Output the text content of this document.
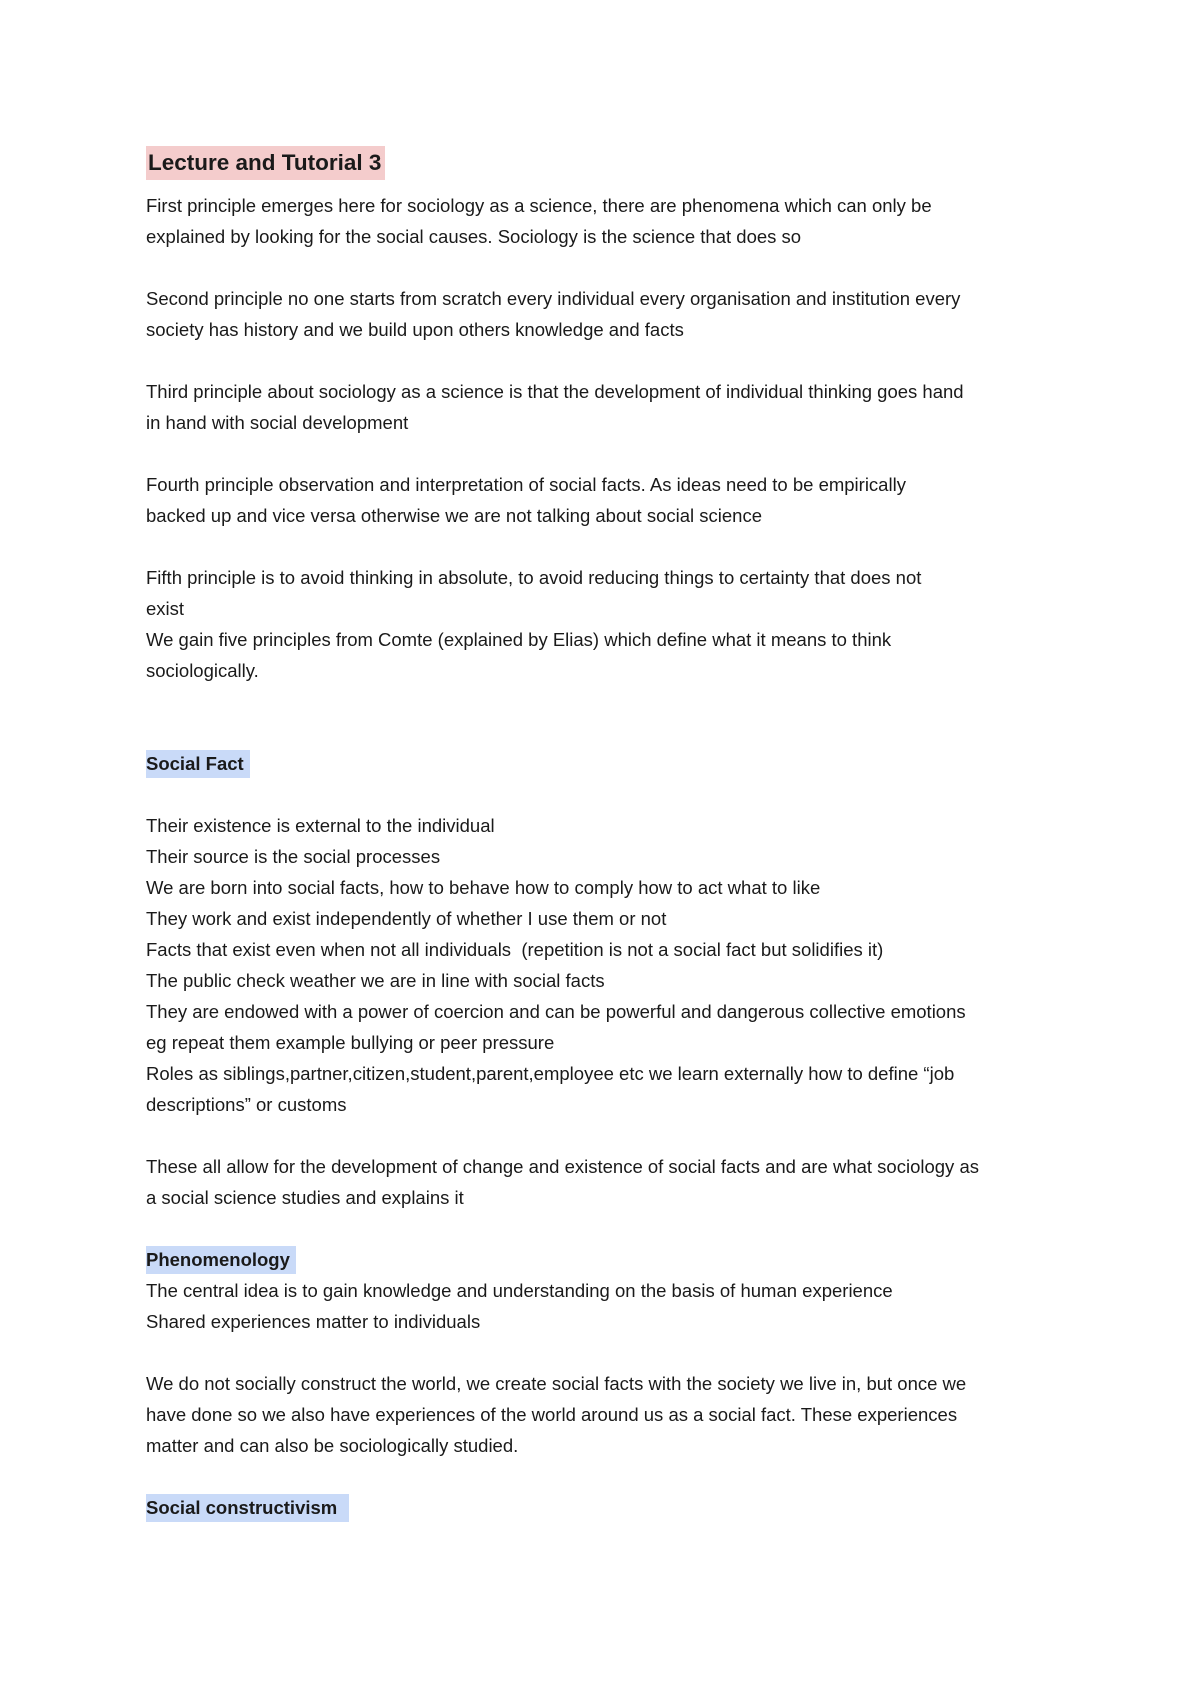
Lecture and Tutorial 3

First principle emerges here for sociology as a science, there are phenomena which can only be
explained by looking for the social causes. Sociology is the science that does so

Second principle no one starts from scratch every individual every organisation and institution every
society has history and we build upon others knowledge and facts

Third principle about sociology as a science is that the development of individual thinking goes hand
in hand with social development

Fourth principle observation and interpretation of social facts. As ideas need to be empirically
backed up and vice versa otherwise we are not talking about social science

Fifth principle is to avoid thinking in absolute, to avoid reducing things to certainty that does not
exist
We gain five principles from Comte (explained by Elias) which define what it means to think
sociologically.

Social Fact

Their existence is external to the individual
Their source is the social processes
We are born into social facts, how to behave how to comply how to act what to like
They work and exist independently of whether I use them or not
Facts that exist even when not all individuals  (repetition is not a social fact but solidifies it)
The public check weather we are in line with social facts
They are endowed with a power of coercion and can be powerful and dangerous collective emotions
eg repeat them example bullying or peer pressure
Roles as siblings,partner,citizen,student,parent,employee etc we learn externally how to define “job
descriptions” or customs

These all allow for the development of change and existence of social facts and are what sociology as
a social science studies and explains it

Phenomenology

The central idea is to gain knowledge and understanding on the basis of human experience
Shared experiences matter to individuals

We do not socially construct the world, we create social facts with the society we live in, but once we
have done so we also have experiences of the world around us as a social fact. These experiences
matter and can also be sociologically studied.

Social constructivism
